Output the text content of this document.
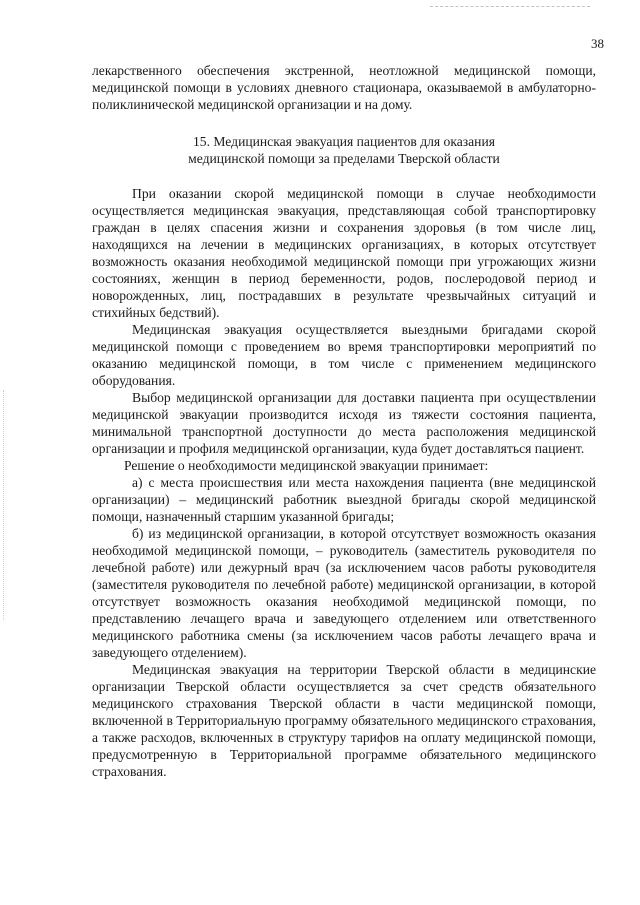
38

лекарственного обеспечения экстренной, неотложной медицинской помощи, медицинской помощи в условиях дневного стационара, оказываемой в амбулаторно-поликлинической медицинской организации и на дому.

15. Медицинская эвакуация пациентов для оказания
медицинской помощи за пределами Тверской области

При оказании скорой медицинской помощи в случае необходимости осуществляется медицинская эвакуация, представляющая собой транспортировку граждан в целях спасения жизни и сохранения здоровья (в том числе лиц, находящихся на лечении в медицинских организациях, в которых отсутствует возможность оказания необходимой медицинской помощи при угрожающих жизни состояниях, женщин в период беременности, родов, послеродовой период и новорожденных, лиц, пострадавших в результате чрезвычайных ситуаций и стихийных бедствий).

Медицинская эвакуация осуществляется выездными бригадами скорой медицинской помощи с проведением во время транспортировки мероприятий по оказанию медицинской помощи, в том числе с применением медицинского оборудования.

Выбор медицинской организации для доставки пациента при осуществлении медицинской эвакуации производится исходя из тяжести состояния пациента, минимальной транспортной доступности до места расположения медицинской организации и профиля медицинской организации, куда будет доставляться пациент.

Решение о необходимости медицинской эвакуации принимает:

а) с места происшествия или места нахождения пациента (вне медицинской организации) – медицинский работник выездной бригады скорой медицинской помощи, назначенный старшим указанной бригады;

б) из медицинской организации, в которой отсутствует возможность оказания необходимой медицинской помощи, – руководитель (заместитель руководителя по лечебной работе) или дежурный врач (за исключением часов работы руководителя (заместителя руководителя по лечебной работе) медицинской организации, в которой отсутствует возможность оказания необходимой медицинской помощи, по представлению лечащего врача и заведующего отделением или ответственного медицинского работника смены (за исключением часов работы лечащего врача и заведующего отделением).

Медицинская эвакуация на территории Тверской области в медицинские организации Тверской области осуществляется за счет средств обязательного медицинского страхования Тверской области в части медицинской помощи, включенной в Территориальную программу обязательного медицинского страхования, а также расходов, включенных в структуру тарифов на оплату медицинской помощи, предусмотренную в Территориальной программе обязательного медицинского страхования.
